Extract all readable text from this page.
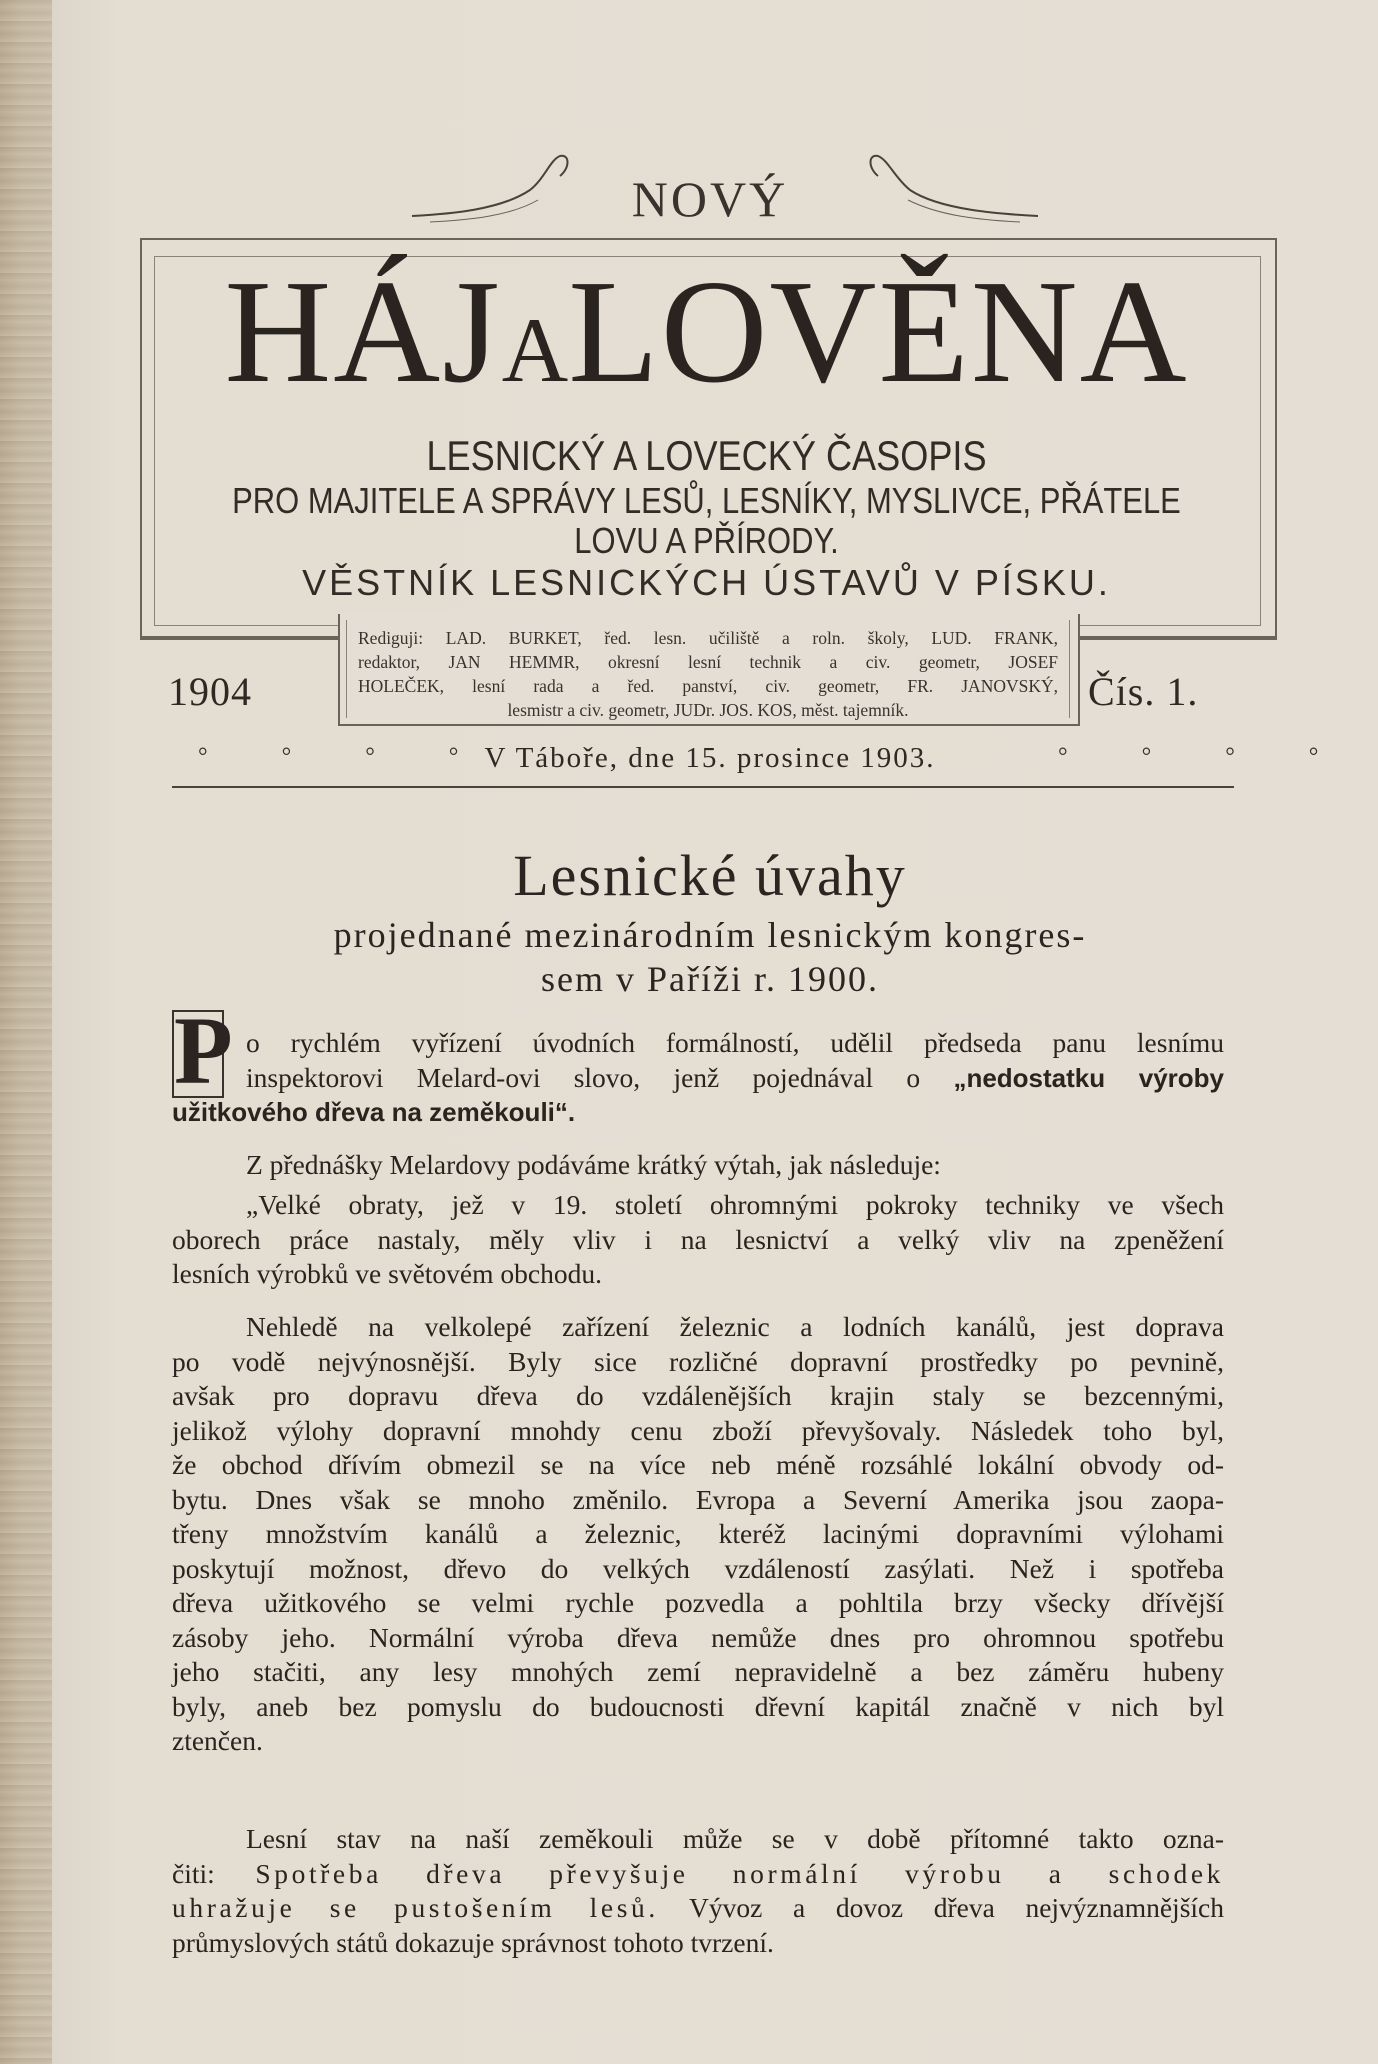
NOVÝ
HÁJALOVĚNA
LESNICKÝ A LOVECKÝ ČASOPIS
PRO MAJITELE A SPRÁVY LESŮ, LESNÍKY, MYSLIVCE, PŘÁTELE
LOVU A PŘÍRODY.
VĚSTNÍK LESNICKÝCH ÚSTAVŮ V PÍSKU.
Rediguji: LAD. BURKET, řed. lesn. učiliště a roln. školy, LUD. FRANK,
redaktor, JAN HEMMR, okresní lesní technik a civ. geometr, JOSEF
HOLEČEK, lesní rada a řed. panství, civ. geometr, FR. JANOVSKÝ,
lesmistr a civ. geometr, JUDr. JOS. KOS, měst. tajemník.
1904	Čís. 1.
° ° ° °
V Táboře, dne 15. prosince 1903.	° ° ° °
Lesnické úvahy
projednané mezinárodním lesnickým kongres-
sem v Paříži r. 1900.
P o rychlém vyřízení úvodních formálností, udělil předseda panu lesnímu
inspektorovi Melard-ovi slovo, jenž pojednával o „nedostatku výroby
užitkového dřeva na zeměkouli“.
Z přednášky Melardovy podáváme krátký výtah, jak následuje:
„Velké obraty, jež v 19. století ohromnými pokroky techniky ve všech
oborech práce nastaly, měly vliv i na lesnictví a velký vliv na zpeněžení
lesních výrobků ve světovém obchodu.
Nehledě na velkolepé zařízení železnic a lodních kanálů, jest doprava
po vodě nejvýnosnější. Byly sice rozličné dopravní prostředky po pevnině,
avšak pro dopravu dřeva do vzdálenějších krajin staly se bezcennými,
jelikož výlohy dopravní mnohdy cenu zboží převyšovaly. Následek toho byl,
že obchod dřívím obmezil se na více neb méně rozsáhlé lokální obvody od-
bytu. Dnes však se mnoho změnilo. Evropa a Severní Amerika jsou zaopa-
třeny množstvím kanálů a železnic, kteréž lacinými dopravními výlohami
poskytují možnost, dřevo do velkých vzdáleností zasýlati. Než i spotřeba
dřeva užitkového se velmi rychle pozvedla a pohltila brzy všecky dřívější
zásoby jeho. Normální výroba dřeva nemůže dnes pro ohromnou spotřebu
jeho stačiti, any lesy mnohých zemí nepravidelně a bez záměru hubeny
byly, aneb bez pomyslu do budoucnosti dřevní kapitál značně v nich byl
ztenčen.
Lesní stav na naší zeměkouli může se v době přítomné takto ozna-
čiti: Spotřeba dřeva převyšuje normální výrobu a schodek
uhražuje se pustošením lesů. Vývoz a dovoz dřeva nejvýznamnějších
průmyslových států dokazuje správnost tohoto tvrzení.
